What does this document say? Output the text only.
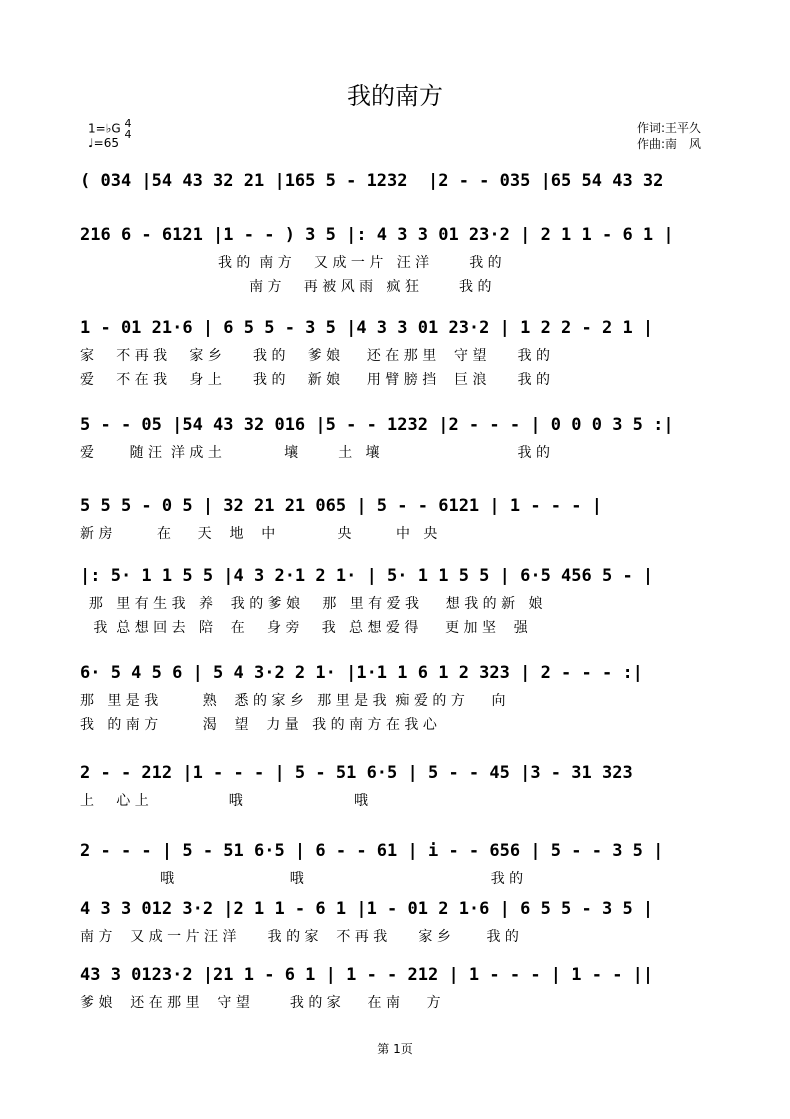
我的南方
1=♭G 4
4
♩=65
作词:王平久
作曲:南　风
( 034 |54 43 32 21 |165 5 - 1232  |2 - - 035 |65 54 43 32
216 6 - 6121 |1 - - ) 3 5 |: 4 3 3 01 23·2 | 2 1 1 - 6 1 |
我 的  南 方     又 成 一 片   汪 洋         我 的
南 方     再 被 风 雨   疯 狂         我 的
1 - 01 21·6 | 6 5 5 - 3 5 |4 3 3 01 23·2 | 1 2 2 - 2 1 |
家     不 再 我     家 乡       我 的     爹 娘      还 在 那 里    守 望       我 的
爱     不 在 我     身 上       我 的     新 娘      用 臂 膀 挡    巨 浪       我 的
5 - - 05 |54 43 32 016 |5 - - 1232 |2 - - - | 0 0 0 3 5 :|
爱        随 汪  洋 成 土              壤         土   壤                               我 的
5 5 5 - 0 5 | 32 21 21 065 | 5 - - 6121 | 1 - - - |
新 房          在      天    地    中              央          中   央
|: 5· 1 1 5 5 |4 3 2·1 2 1· | 5· 1 1 5 5 | 6·5 456 5 - |
那   里 有 生 我   养    我 的 爹 娘     那   里 有 爱 我      想 我 的 新   娘
我  总 想 回 去   陪    在     身 旁     我   总 想 爱 得      更 加 坚    强
6· 5 4 5 6 | 5 4 3·2 2 1· |1·1 1 6 1 2 323 | 2 - - - :|
那   里 是 我          熟    悉 的 家 乡   那 里 是 我  痴 爱 的 方      向
我   的 南 方          渴    望    力 量   我 的 南 方 在 我 心
2 - - 212 |1 - - - | 5 - 51 6·5 | 5 - - 45 |3 - 31 323
上     心 上                  哦                         哦
2 - - - | 5 - 51 6·5 | 6 - - 61 | i - - 656 | 5 - - 3 5 |
哦                          哦                                          我 的
4 3 3 012 3·2 |2 1 1 - 6 1 |1 - 01 2 1·6 | 6 5 5 - 3 5 |
南 方    又 成 一 片 汪 洋       我 的 家    不 再 我       家 乡        我 的
43 3 0123·2 |21 1 - 6 1 | 1 - - 212 | 1 - - - | 1 - - ||
爹 娘    还 在 那 里    守 望         我 的 家      在 南      方
第 1页
